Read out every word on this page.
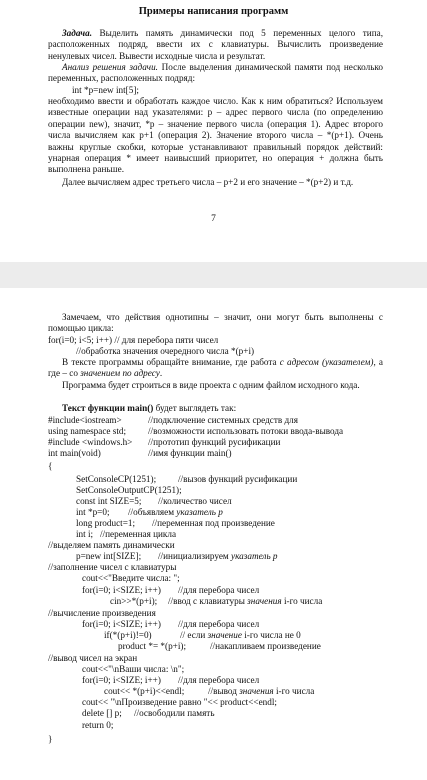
Примеры написания программ
Задача. Выделить память динамически под 5 переменных целого типа, расположенных подряд, ввести их с клавиатуры. Вычислить произведение ненулевых чисел. Вывести исходные числа и результат.
Анализ решения задачи. После выделения динамической памяти под несколько переменных, расположенных подряд:
int *p=new int[5];
необходимо ввести и обработать каждое число. Как к ним обратиться? Используем известные операции над указателями: p – адрес первого числа (по определению операции new), значит, *p – значение первого числа (операция 1). Адрес второго числа вычисляем как p+1 (операция 2). Значение второго числа – *(p+1). Очень важны круглые скобки, которые устанавливают правильный порядок действий: унарная операция * имеет наивысший приоритет, но операция + должна быть выполнена раньше.
Далее вычисляем адрес третьего числа – p+2 и его значение – *(p+2) и т.д.
7
Замечаем, что действия однотипны – значит, они могут быть выполнены с помощью цикла:
for(i=0; i<5; i++) // для перебора пяти чисел
//обработка значения очередного числа *(p+i)
В тексте программы обращайте внимание, где работа с адресом (указателем), а где – со значением по адресу.
Программа будет строиться в виде проекта с одним файлом исходного кода.
Текст функции main() будет выглядеть так:
#include<iostream>	//подключение системных средств для
using namespace std; //возможности использовать потоки ввода-вывода
#include <windows.h> //прототип функций русификации
int main(void)	//имя функции main()
{
SetConsoleCP(1251); //вызов функций русификации
SetConsoleOutputCP(1251);
const int SIZE=5; //количество чисел
int *p=0; //объявляем указатель p
long product=1; //переменная под произведение
int i; //переменная цикла
//выделяем память динамически
p=new int[SIZE]; //инициализируем указатель p
//заполнение чисел с клавиатуры
cout<<"Введите числа: ";
for(i=0; i<SIZE; i++) //для перебора чисел
cin>>*(p+i); //ввод с клавиатуры значения i-го числа
//вычисление произведения
for(i=0; i<SIZE; i++) //для перебора чисел
if(*(p+i)!=0)	// если значение i-го числа не 0
product *= *(p+i);	//накапливаем произведение
//вывод чисел на экран
cout<<"\nВаши числа: \n";
for(i=0; i<SIZE; i++) //для перебора чисел
cout<< *(p+i)<<endl;	//вывод значения i-го числа
cout<< "\nПроизведение равно "<< product<<endl;
delete [] p; //освободили память
return 0;
}
